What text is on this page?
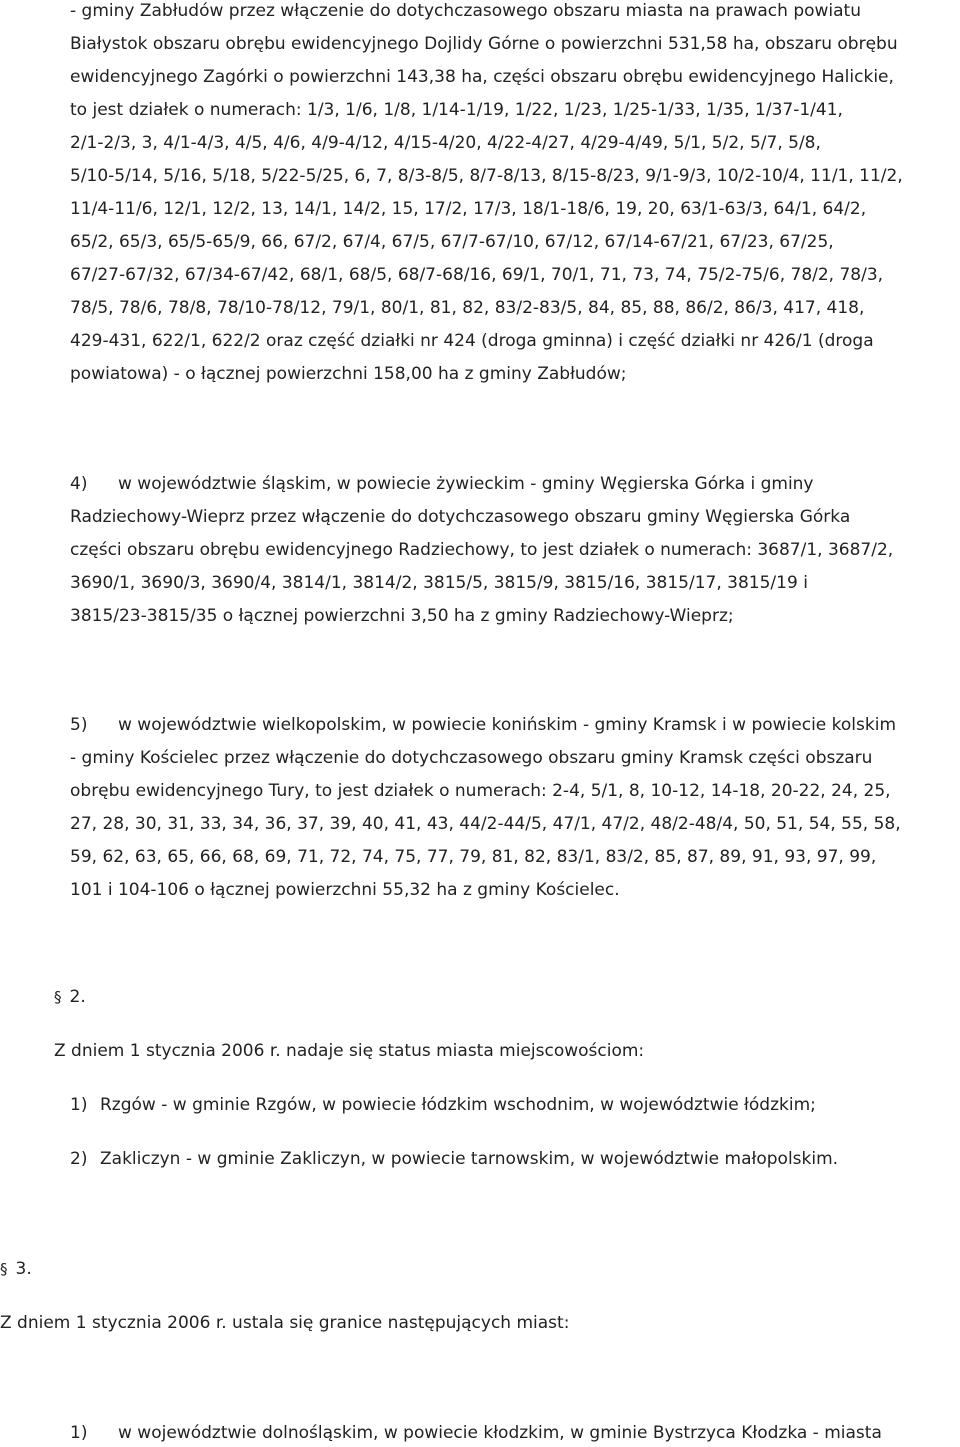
- gminy Zabłudów przez włączenie do dotychczasowego obszaru miasta na prawach powiatu
Białystok obszaru obrębu ewidencyjnego Dojlidy Górne o powierzchni 531,58 ha, obszaru obrębu
ewidencyjnego Zagórki o powierzchni 143,38 ha, części obszaru obrębu ewidencyjnego Halickie,
to jest działek o numerach: 1/3, 1/6, 1/8, 1/14-1/19, 1/22, 1/23, 1/25-1/33, 1/35, 1/37-1/41,
2/1-2/3, 3, 4/1-4/3, 4/5, 4/6, 4/9-4/12, 4/15-4/20, 4/22-4/27, 4/29-4/49, 5/1, 5/2, 5/7, 5/8,
5/10-5/14, 5/16, 5/18, 5/22-5/25, 6, 7, 8/3-8/5, 8/7-8/13, 8/15-8/23, 9/1-9/3, 10/2-10/4, 11/1, 11/2,
11/4-11/6, 12/1, 12/2, 13, 14/1, 14/2, 15, 17/2, 17/3, 18/1-18/6, 19, 20, 63/1-63/3, 64/1, 64/2,
65/2, 65/3, 65/5-65/9, 66, 67/2, 67/4, 67/5, 67/7-67/10, 67/12, 67/14-67/21, 67/23, 67/25,
67/27-67/32, 67/34-67/42, 68/1, 68/5, 68/7-68/16, 69/1, 70/1, 71, 73, 74, 75/2-75/6, 78/2, 78/3,
78/5, 78/6, 78/8, 78/10-78/12, 79/1, 80/1, 81, 82, 83/2-83/5, 84, 85, 88, 86/2, 86/3, 417, 418,
429-431, 622/1, 622/2 oraz część działki nr 424 (droga gminna) i część działki nr 426/1 (droga
powiatowa) - o łącznej powierzchni 158,00 ha z gminy Zabłudów;
4) w województwie śląskim, w powiecie żywieckim - gminy Węgierska Górka i gminy
Radziechowy-Wieprz przez włączenie do dotychczasowego obszaru gminy Węgierska Górka
części obszaru obrębu ewidencyjnego Radziechowy, to jest działek o numerach: 3687/1, 3687/2,
3690/1, 3690/3, 3690/4, 3814/1, 3814/2, 3815/5, 3815/9, 3815/16, 3815/17, 3815/19 i
3815/23-3815/35 o łącznej powierzchni 3,50 ha z gminy Radziechowy-Wieprz;
5) w województwie wielkopolskim, w powiecie konińskim - gminy Kramsk i w powiecie kolskim
- gminy Kościelec przez włączenie do dotychczasowego obszaru gminy Kramsk części obszaru
obrębu ewidencyjnego Tury, to jest działek o numerach: 2-4, 5/1, 8, 10-12, 14-18, 20-22, 24, 25,
27, 28, 30, 31, 33, 34, 36, 37, 39, 40, 41, 43, 44/2-44/5, 47/1, 47/2, 48/2-48/4, 50, 51, 54, 55, 58,
59, 62, 63, 65, 66, 68, 69, 71, 72, 74, 75, 77, 79, 81, 82, 83/1, 83/2, 85, 87, 89, 91, 93, 97, 99,
101 i 104-106 o łącznej powierzchni 55,32 ha z gminy Kościelec.
§ 2.
Z dniem 1 stycznia 2006 r. nadaje się status miasta miejscowościom:
1) Rzgów - w gminie Rzgów, w powiecie łódzkim wschodnim, w województwie łódzkim;
2) Zakliczyn - w gminie Zakliczyn, w powiecie tarnowskim, w województwie małopolskim.
§ 3.
Z dniem 1 stycznia 2006 r. ustala się granice następujących miast:
1) w województwie dolnośląskim, w powiecie kłodzkim, w gminie Bystrzyca Kłodzka - miasta
